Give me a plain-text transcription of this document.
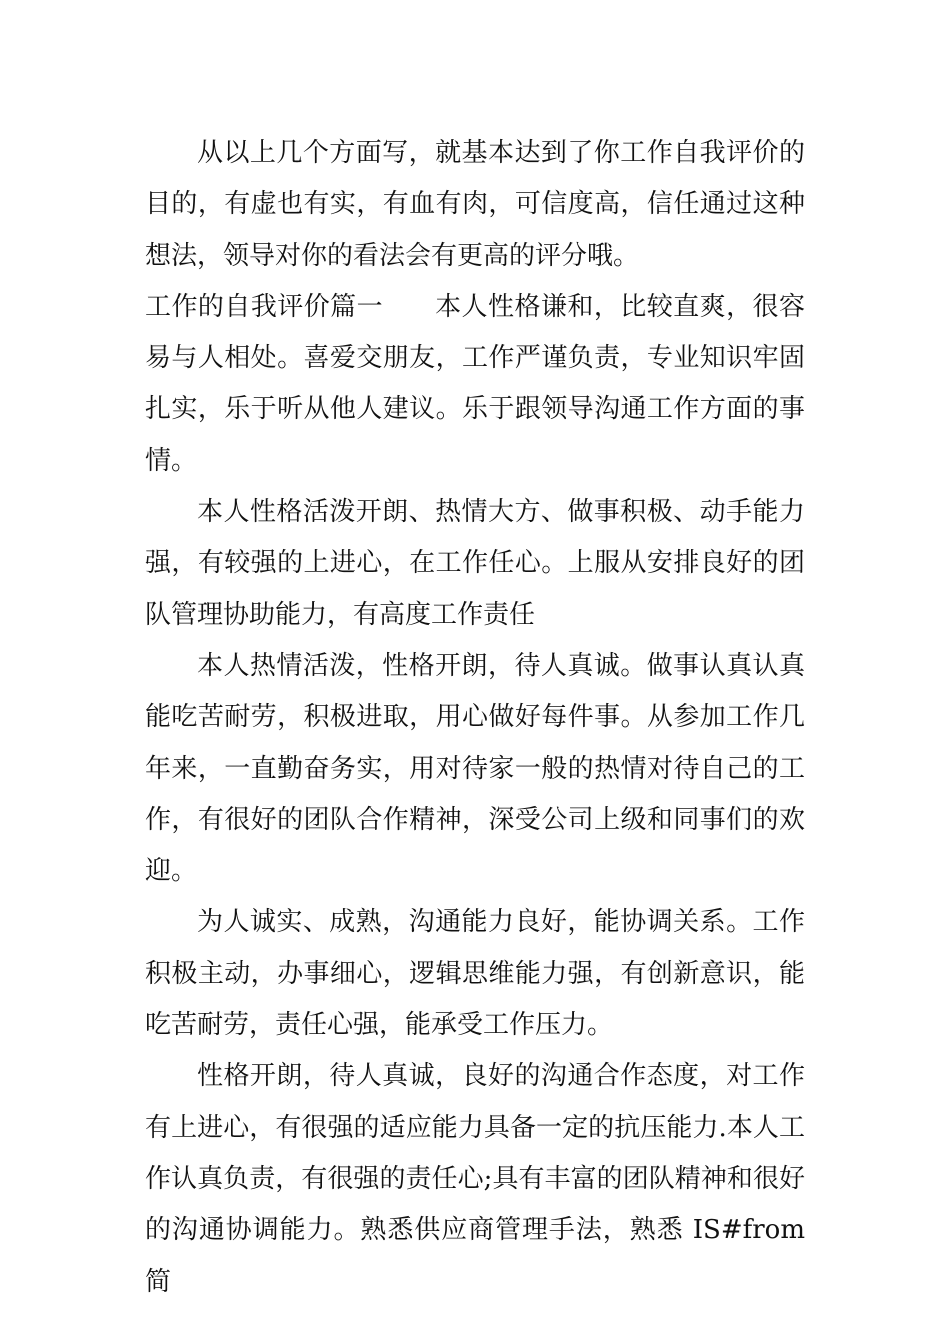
从以上几个方面写，就基本达到了你工作自我评价的目的，有虚也有实，有血有肉，可信度高，信任通过这种想法，领导对你的看法会有更高的评分哦。

工作的自我评价篇一 本人性格谦和，比较直爽，很容易与人相处。喜爱交朋友，工作严谨负责，专业知识牢固扎实，乐于听从他人建议。乐于跟领导沟通工作方面的事情。

本人性格活泼开朗、热情大方、做事积极、动手能力强，有较强的上进心，在工作任心。上服从安排良好的团队管理协助能力，有高度工作责任

本人热情活泼，性格开朗，待人真诚。做事认真认真能吃苦耐劳，积极进取，用心做好每件事。从参加工作几年来，一直勤奋务实，用对待家一般的热情对待自己的工作，有很好的团队合作精神，深受公司上级和同事们的欢迎。

为人诚实、成熟，沟通能力良好，能协调关系。工作积极主动，办事细心，逻辑思维能力强，有创新意识，能吃苦耐劳，责任心强，能承受工作压力。

性格开朗，待人真诚，良好的沟通合作态度，对工作有上进心，有很强的适应能力具备一定的抗压能力.本人工作认真负责，有很强的责任心;具有丰富的团队精神和很好的沟通协调能力。熟悉供应商管理手法，熟悉 IS#from 简
